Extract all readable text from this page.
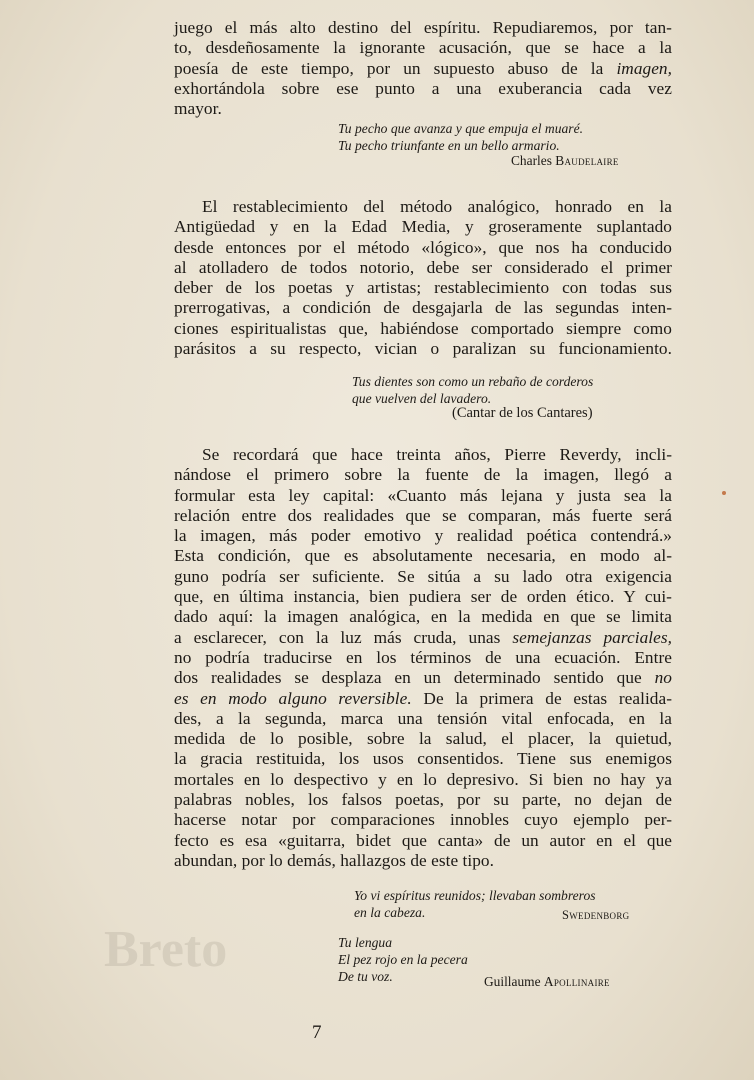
Breto
juego el más alto destino del espíritu. Repudiaremos, por tan-
to, desdeñosamente la ignorante acusación, que se hace a la
poesía de este tiempo, por un supuesto abuso de la imagen,
exhortándola sobre ese punto a una exuberancia cada vez
mayor.
Tu pecho que avanza y que empuja el muaré.
Tu pecho triunfante en un bello armario.
Charles Baudelaire
El restablecimiento del método analógico, honrado en la
Antigüedad y en la Edad Media, y groseramente suplantado
desde entonces por el método «lógico», que nos ha conducido
al atolladero de todos notorio, debe ser considerado el primer
deber de los poetas y artistas; restablecimiento con todas sus
prerrogativas, a condición de desgajarla de las segundas inten-
ciones espiritualistas que, habiéndose comportado siempre como
parásitos a su respecto, vician o paralizan su funcionamiento.
Tus dientes son como un rebaño de corderos
que vuelven del lavadero.
(Cantar de los Cantares)
Se recordará que hace treinta años, Pierre Reverdy, incli-
nándose el primero sobre la fuente de la imagen, llegó a
formular esta ley capital: «Cuanto más lejana y justa sea la
relación entre dos realidades que se comparan, más fuerte será
la imagen, más poder emotivo y realidad poética contendrá.»
Esta condición, que es absolutamente necesaria, en modo al-
guno podría ser suficiente. Se sitúa a su lado otra exigencia
que, en última instancia, bien pudiera ser de orden ético. Y cui-
dado aquí: la imagen analógica, en la medida en que se limita
a esclarecer, con la luz más cruda, unas semejanzas parciales,
no podría traducirse en los términos de una ecuación. Entre
dos realidades se desplaza en un determinado sentido que no
es en modo alguno reversible. De la primera de estas realida-
des, a la segunda, marca una tensión vital enfocada, en la
medida de lo posible, sobre la salud, el placer, la quietud,
la gracia restituida, los usos consentidos. Tiene sus enemigos
mortales en lo despectivo y en lo depresivo. Si bien no hay ya
palabras nobles, los falsos poetas, por su parte, no dejan de
hacerse notar por comparaciones innobles cuyo ejemplo per-
fecto es esa «guitarra, bidet que canta» de un autor en el que
abundan, por lo demás, hallazgos de este tipo.
Yo vi espíritus reunidos; llevaban sombreros
en la cabeza.	Swedenborg
Tu lengua
El pez rojo en la pecera
De tu voz.	Guillaume Apollinaire
7
